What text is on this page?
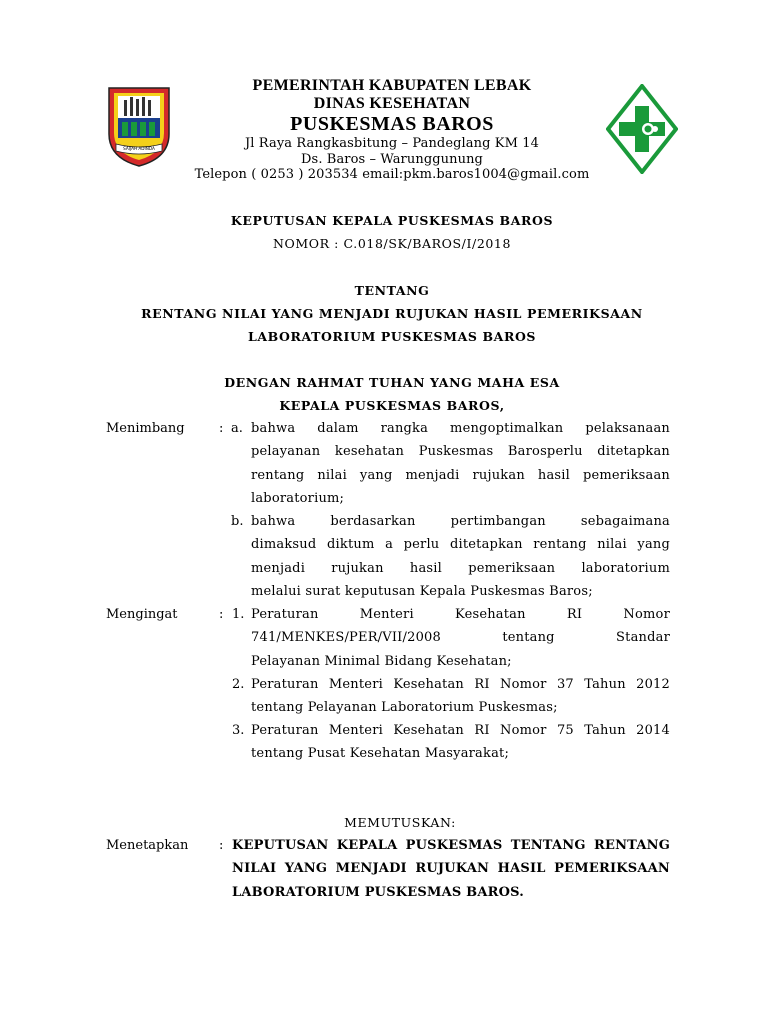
SAIJAH ADINDA
PEMERINTAH KABUPATEN LEBAK
DINAS KESEHATAN
PUSKESMAS BAROS
Jl Raya Rangkasbitung – Pandeglang KM 14
Ds. Baros – Warunggunung
Telepon ( 0253 ) 203534 email:pkm.baros1004@gmail.com
KEPUTUSAN KEPALA PUSKESMAS BAROS
NOMOR : C.018/SK/BAROS/I/2018
TENTANG
RENTANG NILAI YANG MENJADI RUJUKAN HASIL PEMERIKSAAN
LABORATORIUM PUSKESMAS BAROS
DENGAN RAHMAT TUHAN YANG MAHA ESA
KEPALA PUSKESMAS BAROS,
Menimbang	: a. bahwa dalam rangka mengoptimalkan pelaksanaan
pelayanan kesehatan Puskesmas Barosperlu ditetapkan
rentang nilai yang menjadi rujukan hasil pemeriksaan
laboratorium;
b. bahwa berdasarkan pertimbangan sebagaimana
dimaksud diktum a perlu ditetapkan rentang nilai yang
menjadi rujukan hasil pemeriksaan laboratorium
melalui surat keputusan Kepala Puskesmas Baros;
Mengingat	: 1. Peraturan Menteri Kesehatan RI Nomor
741/MENKES/PER/VII/2008 tentang Standar
Pelayanan Minimal Bidang Kesehatan;
2. Peraturan Menteri Kesehatan RI Nomor 37 Tahun 2012
tentang Pelayanan Laboratorium Puskesmas;
3. Peraturan Menteri Kesehatan RI Nomor 75 Tahun 2014
tentang Pusat Kesehatan Masyarakat;
MEMUTUSKAN:
Menetapkan : KEPUTUSAN KEPALA PUSKESMAS TENTANG RENTANG
NILAI YANG MENJADI RUJUKAN HASIL PEMERIKSAAN
LABORATORIUM PUSKESMAS BAROS.
